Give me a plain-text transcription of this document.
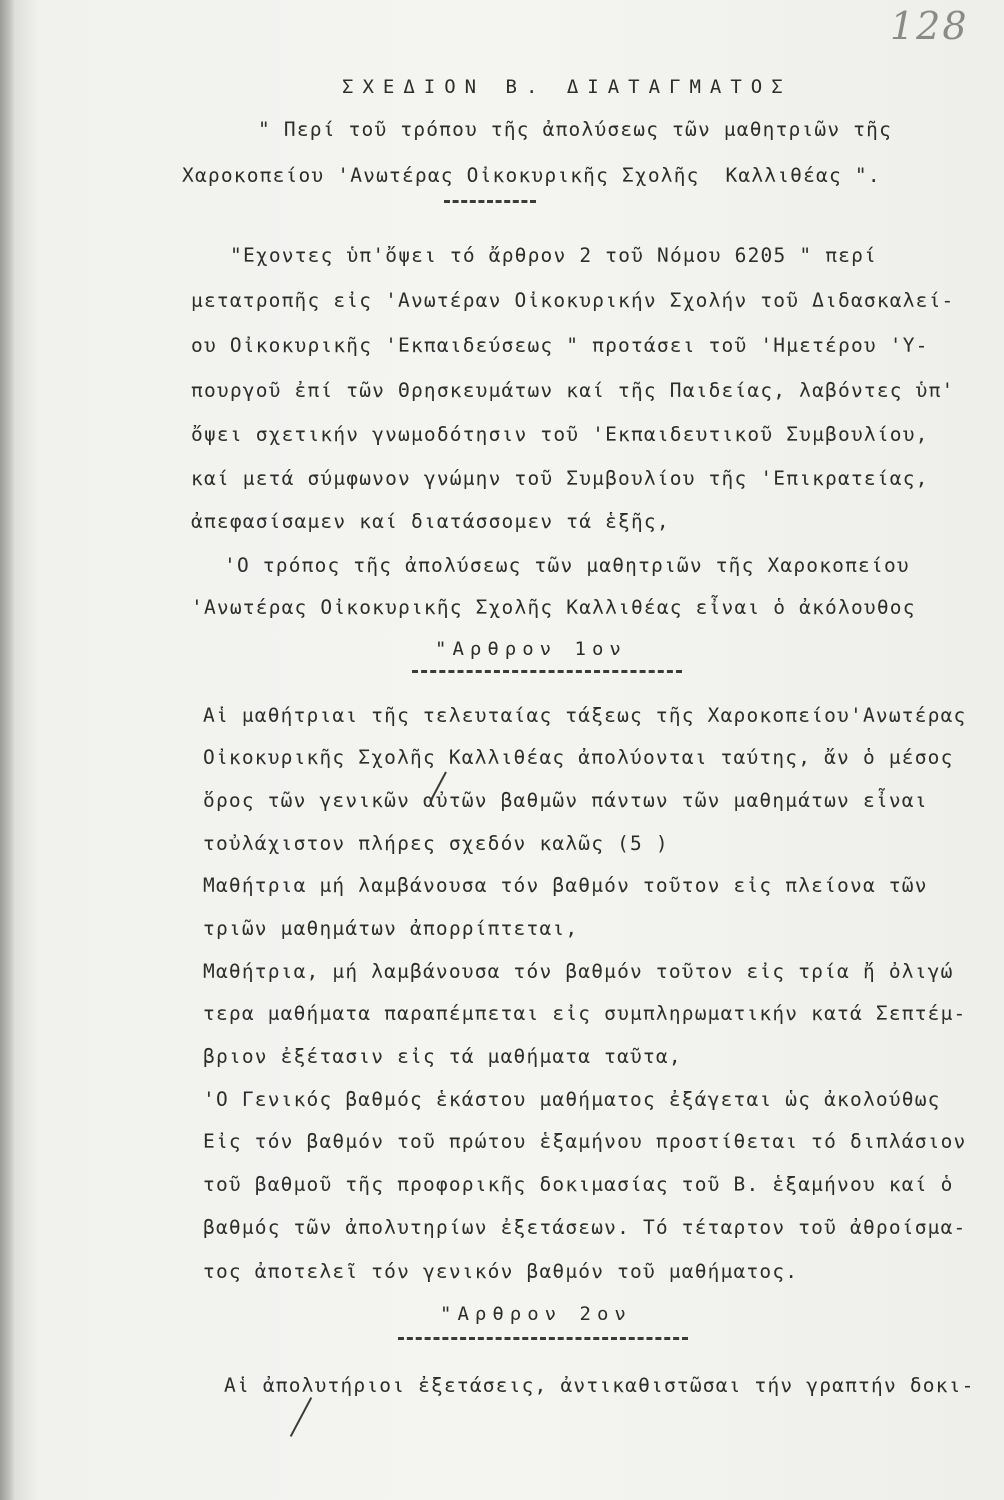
128
ΣΧΕΔΙΟΝ Β. ΔΙΑΤΑΓΜΑΤΟΣ
" Περί τοῦ τρόπου τῆς ἀπολύσεως τῶν μαθητριῶν τῆς
Χαροκοπείου 'Ανωτέρας Οἰκοκυρικῆς Σχολῆς  Καλλιθέας ".
"Εχοντες ὑπ'ὄψει τό ἄρθρον 2 τοῦ Νόμου 6205 " περί
μετατροπῆς εἰς 'Ανωτέραν Οἰκοκυρικήν Σχολήν τοῦ Διδασκαλεί-
ου Οἰκοκυρικῆς 'Εκπαιδεύσεως " προτάσει τοῦ 'Ημετέρου 'Υ-
πουργοῦ ἐπί τῶν Θρησκευμάτων καί τῆς Παιδείας, λαβόντες ὑπ'
ὄψει σχετικήν γνωμοδότησιν τοῦ 'Εκπαιδευτικοῦ Συμβουλίου,
καί μετά σύμφωνον γνώμην τοῦ Συμβουλίου τῆς 'Επικρατείας,
ἀπεφασίσαμεν καί διατάσσομεν τά ἑξῆς,
'Ο τρόπος τῆς ἀπολύσεως τῶν μαθητριῶν τῆς Χαροκοπείου
'Ανωτέρας Οἰκοκυρικῆς Σχολῆς Καλλιθέας εἶναι ὁ ἀκόλουθος
"Αρθρον 1ον
Αἱ μαθήτριαι τῆς τελευταίας τάξεως τῆς Χαροκοπείου'Ανωτέρας
Οἰκοκυρικῆς Σχολῆς Καλλιθέας ἀπολύονται ταύτης, ἄν ὁ μέσος
ὅρος τῶν γενικῶν αὐτῶν βαθμῶν πάντων τῶν μαθημάτων εἶναι
τοὐλάχιστον πλήρες σχεδόν καλῶς (5 )
Μαθήτρια μή λαμβάνουσα τόν βαθμόν τοῦτον εἰς πλείονα τῶν
τριῶν μαθημάτων ἀπορρίπτεται,
Μαθήτρια, μή λαμβάνουσα τόν βαθμόν τοῦτον εἰς τρία ἤ ὀλιγώ
τερα μαθήματα παραπέμπεται εἰς συμπληρωματικήν κατά Σεπτέμ-
βριον ἐξέτασιν εἰς τά μαθήματα ταῦτα,
'Ο Γενικός βαθμός ἑκάστου μαθήματος ἐξάγεται ὡς ἀκολούθως
Εἰς τόν βαθμόν τοῦ πρώτου ἑξαμήνου προστίθεται τό διπλάσιον
τοῦ βαθμοῦ τῆς προφορικῆς δοκιμασίας τοῦ Β. ἑξαμήνου καί ὁ
βαθμός τῶν ἀπολυτηρίων ἐξετάσεων. Τό τέταρτον τοῦ ἀθροίσμα-
τος ἀποτελεῖ τόν γενικόν βαθμόν τοῦ μαθήματος.
"Αρθρον 2ον
Αἱ ἀπολυτήριοι ἐξετάσεις, ἀντικαθιστῶσαι τήν γραπτήν δοκι-
